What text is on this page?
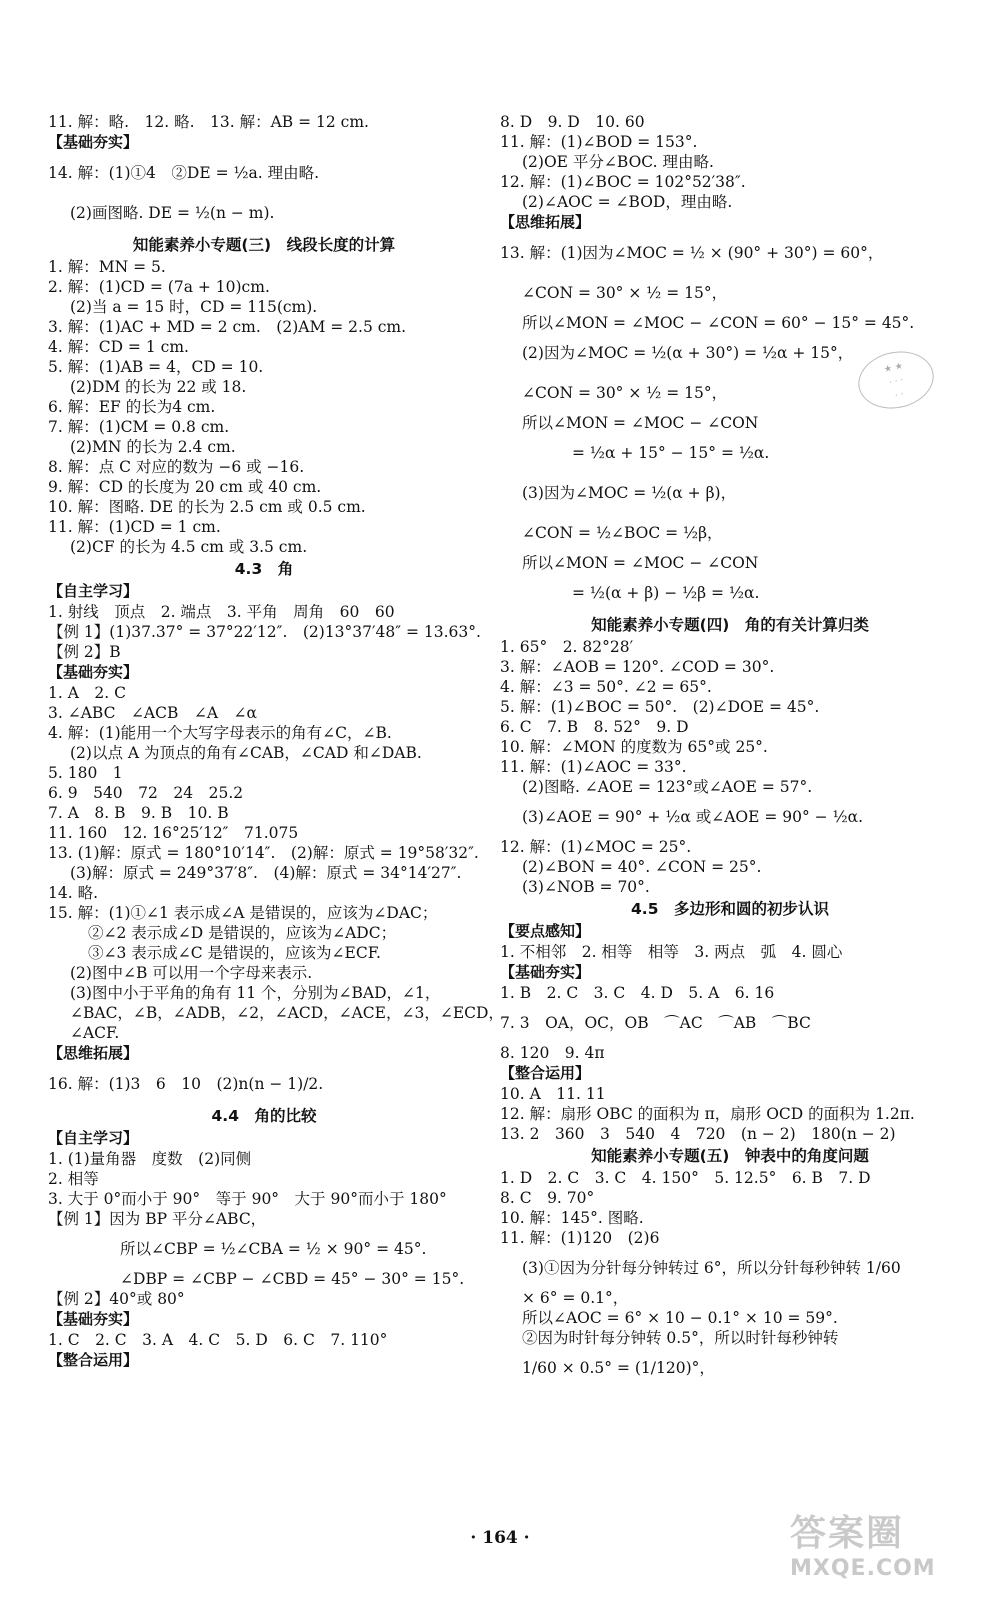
11. 解：略.　12. 略.　13. 解：AB = 12 cm.
【基础夯实】
14. 解：(1)①4　②DE = ½a. 理由略.
(2)画图略. DE = ½(n − m).
知能素养小专题(三)　线段长度的计算
1. 解：MN = 5.
2. 解：(1)CD = (7a + 10)cm.
(2)当 a = 15 时，CD = 115(cm).
3. 解：(1)AC + MD = 2 cm.　(2)AM = 2.5 cm.
4. 解：CD = 1 cm.
5. 解：(1)AB = 4，CD = 10.
(2)DM 的长为 22 或 18.
6. 解：EF 的长为4 cm.
7. 解：(1)CM = 0.8 cm.
(2)MN 的长为 2.4 cm.
8. 解：点 C 对应的数为 −6 或 −16.
9. 解：CD 的长度为 20 cm 或 40 cm.
10. 解：图略. DE 的长为 2.5 cm 或 0.5 cm.
11. 解：(1)CD = 1 cm.
(2)CF 的长为 4.5 cm 或 3.5 cm.
4.3　角
【自主学习】
1. 射线　顶点　2. 端点　3. 平角　周角　60　60
【例 1】(1)37.37° = 37°22′12″.　(2)13°37′48″ = 13.63°.
【例 2】B
【基础夯实】
1. A　2. C
3. ∠ABC　∠ACB　∠A　∠α
4. 解：(1)能用一个大写字母表示的角有∠C，∠B.
(2)以点 A 为顶点的角有∠CAB，∠CAD 和∠DAB.
5. 180　1
6. 9　540　72　24　25.2
7. A　8. B　9. B　10. B
11. 160　12. 16°25′12″　71.075
13. (1)解：原式 = 180°10′14″.　(2)解：原式 = 19°58′32″.
(3)解：原式 = 249°37′8″.　(4)解：原式 = 34°14′27″.
14. 略.
15. 解：(1)①∠1 表示成∠A 是错误的，应该为∠DAC；
②∠2 表示成∠D 是错误的，应该为∠ADC；
③∠3 表示成∠C 是错误的，应该为∠ECF.
(2)图中∠B 可以用一个字母来表示.
(3)图中小于平角的角有 11 个，分别为∠BAD，∠1，
∠BAC，∠B，∠ADB，∠2，∠ACD，∠ACE，∠3，∠ECD，
∠ACF.
【思维拓展】
16. 解：(1)3　6　10　(2)n(n − 1)/2.
4.4　角的比较
【自主学习】
1. (1)量角器　度数　(2)同侧
2. 相等
3. 大于 0°而小于 90°　等于 90°　大于 90°而小于 180°
【例 1】因为 BP 平分∠ABC，
所以∠CBP = ½∠CBA = ½ × 90° = 45°.
∠DBP = ∠CBP − ∠CBD = 45° − 30° = 15°.
【例 2】40°或 80°
【基础夯实】
1. C　2. C　3. A　4. C　5. D　6. C　7. 110°
【整合运用】
8. D　9. D　10. 60
11. 解：(1)∠BOD = 153°.
(2)OE 平分∠BOC. 理由略.
12. 解：(1)∠BOC = 102°52′38″.
(2)∠AOC = ∠BOD，理由略.
【思维拓展】
13. 解：(1)因为∠MOC = ½ × (90° + 30°) = 60°，
∠CON = 30° × ½ = 15°，
所以∠MON = ∠MOC − ∠CON = 60° − 15° = 45°.
(2)因为∠MOC = ½(α + 30°) = ½α + 15°，
∠CON = 30° × ½ = 15°，
所以∠MON = ∠MOC − ∠CON
= ½α + 15° − 15° = ½α.
(3)因为∠MOC = ½(α + β)，
∠CON = ½∠BOC = ½β，
所以∠MON = ∠MOC − ∠CON
= ½(α + β) − ½β = ½α.
知能素养小专题(四)　角的有关计算归类
1. 65°　2. 82°28′
3. 解：∠AOB = 120°. ∠COD = 30°.
4. 解：∠3 = 50°. ∠2 = 65°.
5. 解：(1)∠BOC = 50°.　(2)∠DOE = 45°.
6. C　7. B　8. 52°　9. D
10. 解：∠MON 的度数为 65°或 25°.
11. 解：(1)∠AOC = 33°.
(2)图略. ∠AOE = 123°或∠AOE = 57°.
(3)∠AOE = 90° + ½α 或∠AOE = 90° − ½α.
12. 解：(1)∠MOC = 25°.
(2)∠BON = 40°. ∠CON = 25°.
(3)∠NOB = 70°.
4.5　多边形和圆的初步认识
【要点感知】
1. 不相邻　2. 相等　相等　3. 两点　弧　4. 圆心
【基础夯实】
1. B　2. C　3. C　4. D　5. A　6. 16
7. 3　OA，OC，OB　⌒AC　⌒AB　⌒BC
8. 120　9. 4π
【整合运用】
10. A　11. 11
12. 解：扇形 OBC 的面积为 π，扇形 OCD 的面积为 1.2π.
13. 2　360　3　540　4　720　(n − 2)　180(n − 2)
知能素养小专题(五)　钟表中的角度问题
1. D　2. C　3. C　4. 150°　5. 12.5°　6. B　7. D
8. C　9. 70°
10. 解：145°. 图略.
11. 解：(1)120　(2)6
(3)①因为分针每分钟转过 6°，所以分针每秒钟转 1/60
× 6° = 0.1°，
所以∠AOC = 6° × 10 − 0.1° × 10 = 59°.
②因为时针每分钟转 0.5°，所以时针每秒钟转
1/60 × 0.5° = (1/120)°，
★ ★
· · ·
· ·
· 164 ·	答案圈
MXQE.COM
